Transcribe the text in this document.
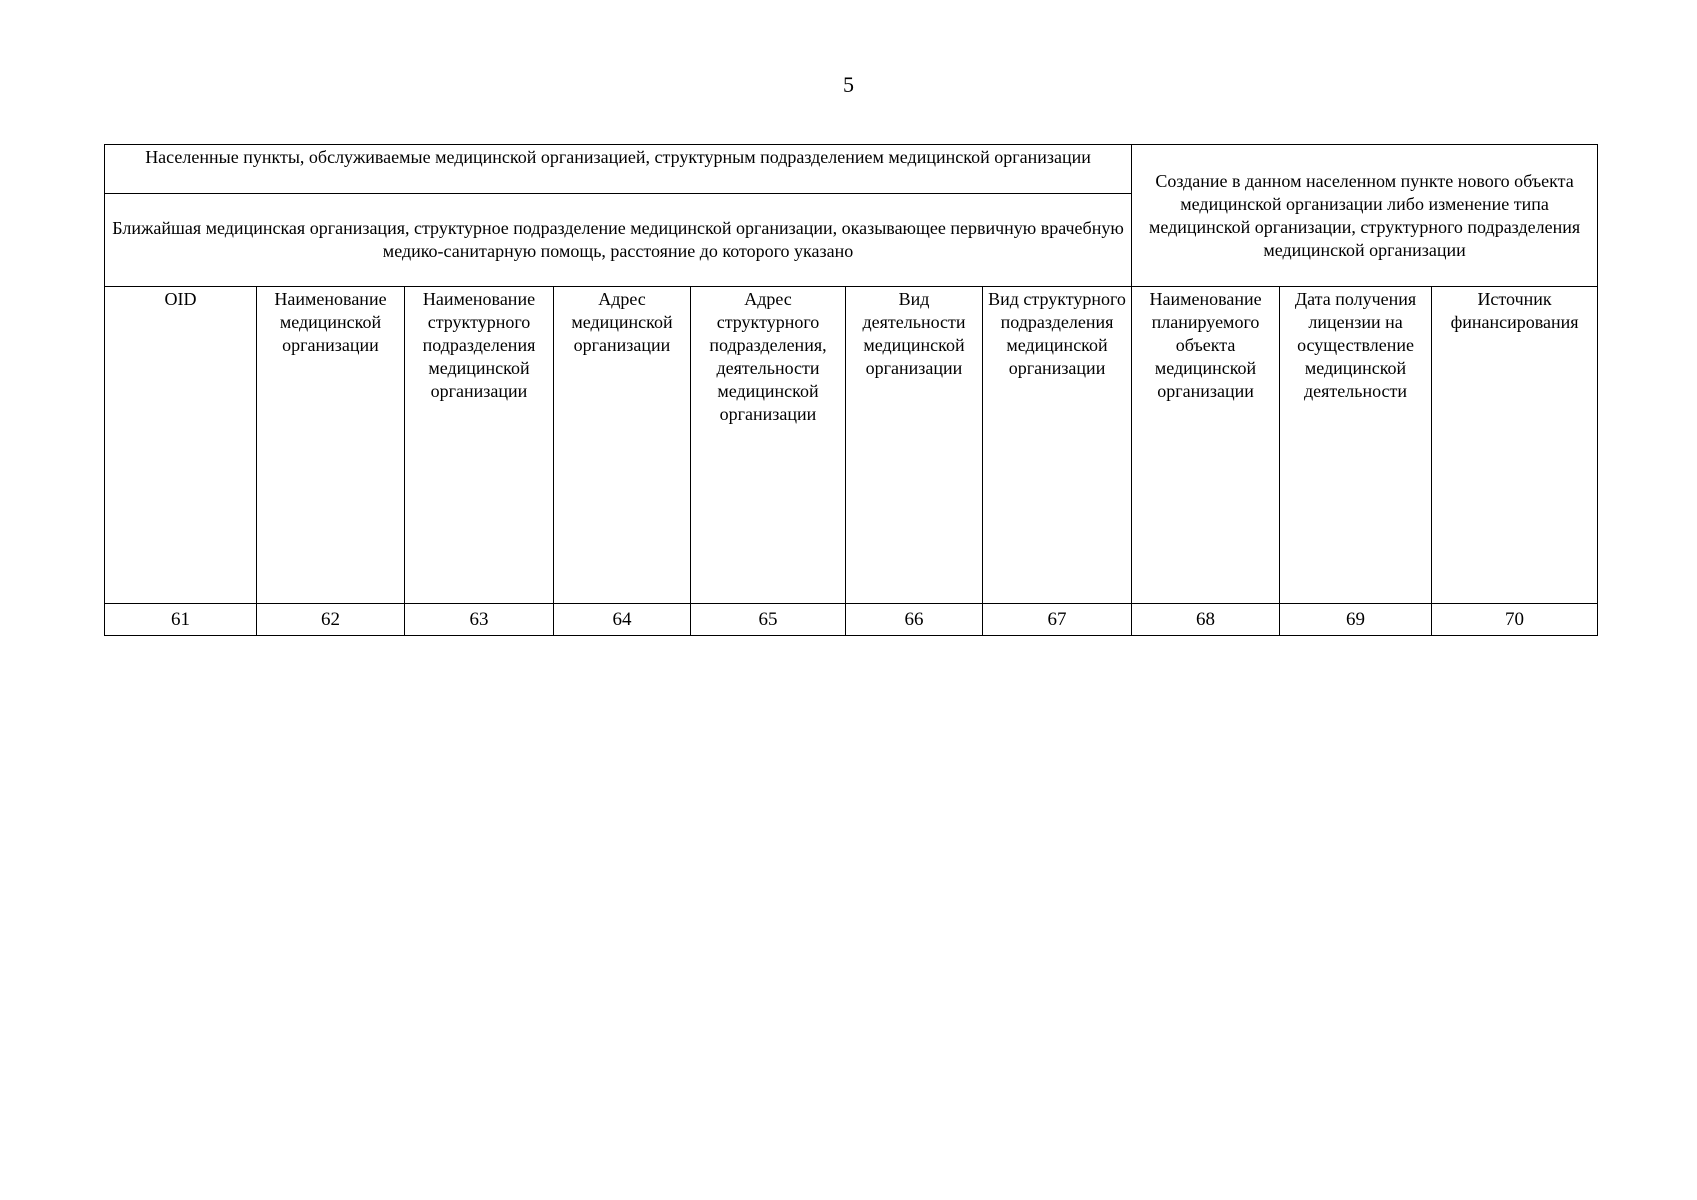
5
Населенные пункты, обслуживаемые медицинской организацией, структурным подразделением медицинской организации							Создание в данном населенном пункте нового объекта медицинской организации либо изменение типа медицинской организации, структурного подразделения медицинской организации		

Ближайшая медицинская организация, структурное подразделение медицинской организации, оказывающее первичную врачебную медико-санитарную помощь, расстояние до которого указано									

OID	Наименование медицинской организации	Наименование структурного подразделения медицинской организации	Адрес медицинской организации	Адрес структурного подразделения, деятельности медицинской организации	Вид деятельности медицинской организации	Вид структурного подразделения медицинской организации	Наименование планируемого объекта медицинской организации	Дата получения лицензии на осуществление медицинской деятельности	Источник финансирования

61	62	63	64	65	66	67	68	69	70
